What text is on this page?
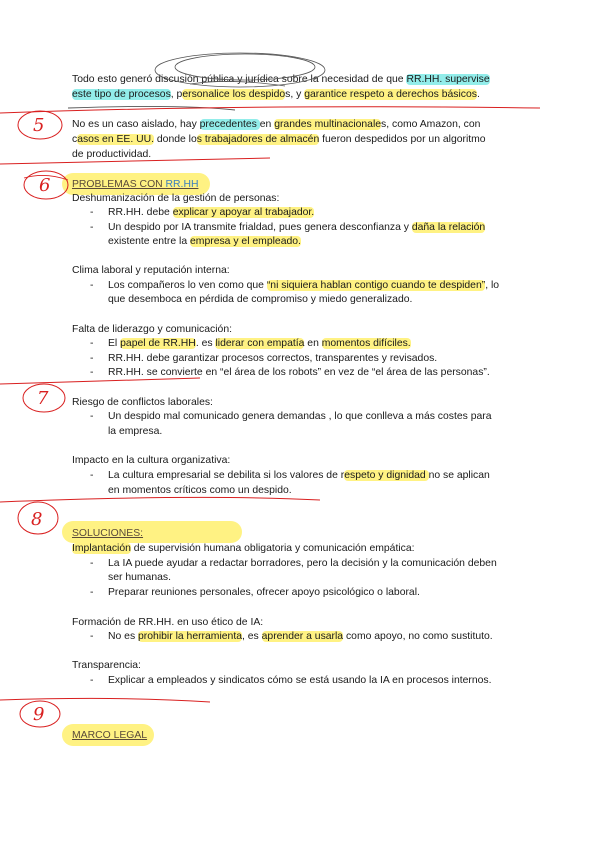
Todo esto generó discusión pública y jurídica sobre la necesidad de que RR.HH. supervise
este tipo de procesos, personalice los despidos, y garantice respeto a derechos básicos.
No es un caso aislado, hay precedentes en grandes multinacionales, como Amazon, con
casos en EE. UU. donde los trabajadores de almacén fueron despedidos por un algoritmo
de productividad.
PROBLEMAS CON RR.HH
Deshumanización de la gestión de personas:
- RR.HH. debe explicar y apoyar al trabajador.
- Un despido por IA transmite frialdad, pues genera desconfianza y daña la relación
existente entre la empresa y el empleado.
Clima laboral y reputación interna:
- Los compañeros lo ven como que “ni siquiera hablan contigo cuando te despiden”, lo
que desemboca en pérdida de compromiso y miedo generalizado.
Falta de liderazgo y comunicación:
- El papel de RR.HH. es liderar con empatía en momentos difíciles.
- RR.HH. debe garantizar procesos correctos, transparentes y revisados.
- RR.HH. se convierte en “el área de los robots” en vez de “el área de las personas”.
Riesgo de conflictos laborales:
- Un despido mal comunicado genera demandas , lo que conlleva a más costes para
la empresa.
Impacto en la cultura organizativa:
- La cultura empresarial se debilita si los valores de respeto y dignidad no se aplican
en momentos críticos como un despido.
SOLUCIONES:
Implantación de supervisión humana obligatoria y comunicación empática:
- La IA puede ayudar a redactar borradores, pero la decisión y la comunicación deben
ser humanas.
- Preparar reuniones personales, ofrecer apoyo psicológico o laboral.
Formación de RR.HH. en uso ético de IA:
- No es prohibir la herramienta, es aprender a usarla como apoyo, no como sustituto.
Transparencia:
- Explicar a empleados y sindicatos cómo se está usando la IA en procesos internos.
MARCO LEGAL
5
6
7
8
9
